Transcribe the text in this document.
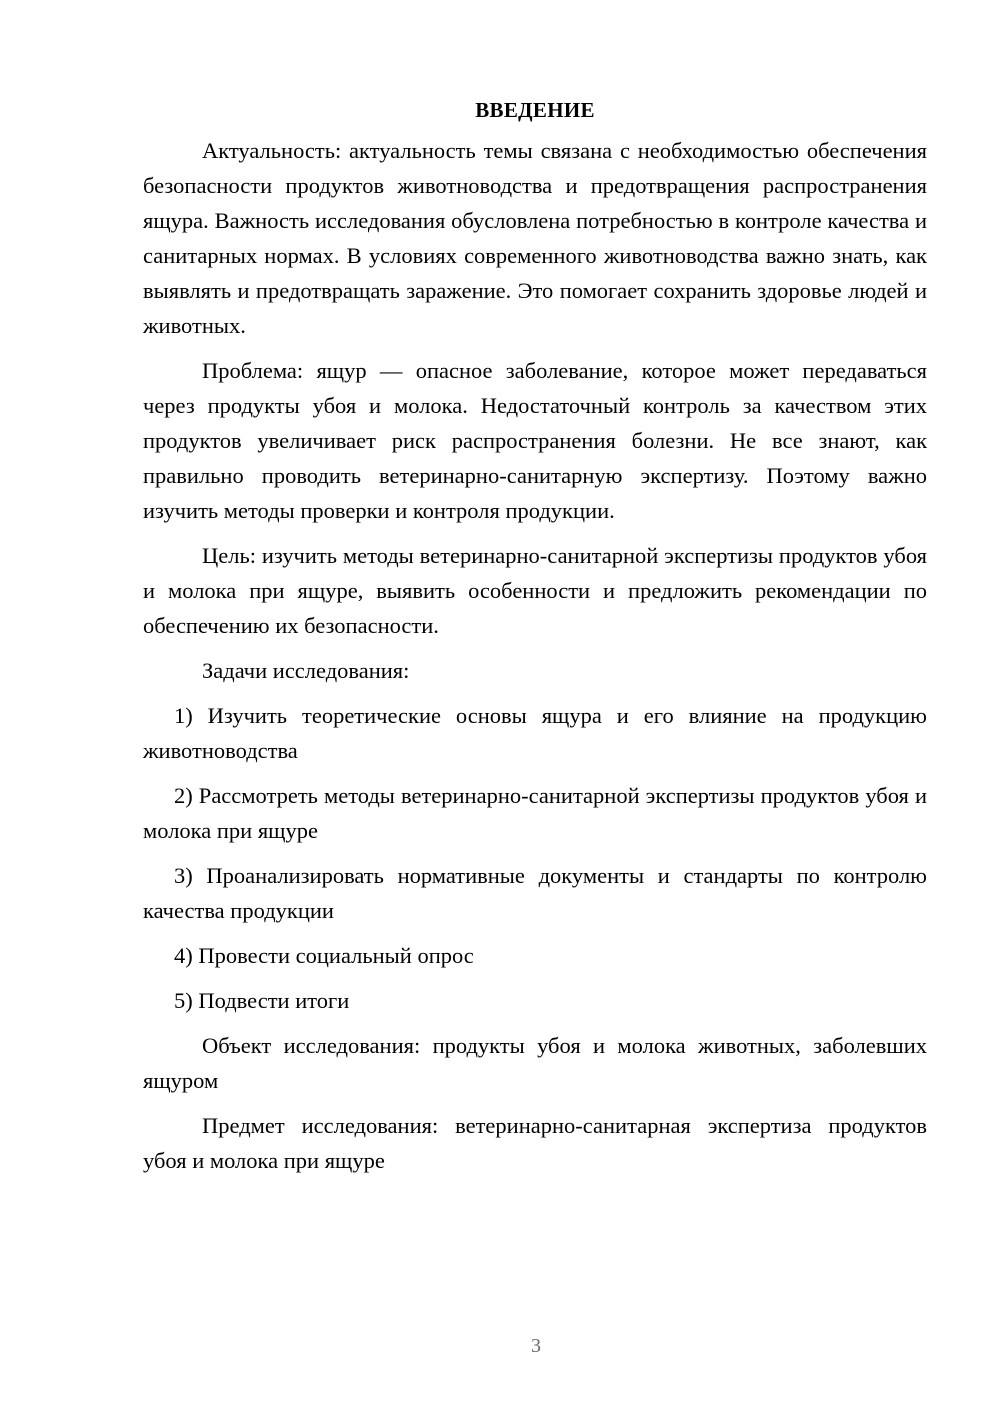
ВВЕДЕНИЕ

Актуальность: актуальность темы связана с необходимостью обеспечения безопасности продуктов животноводства и предотвращения распространения ящура. Важность исследования обусловлена потребностью в контроле качества и санитарных нормах. В условиях современного животноводства важно знать, как выявлять и предотвращать заражение. Это помогает сохранить здоровье людей и животных.

Проблема: ящур — опасное заболевание, которое может передаваться через продукты убоя и молока. Недостаточный контроль за качеством этих продуктов увеличивает риск распространения болезни. Не все знают, как правильно проводить ветеринарно-санитарную экспертизу. Поэтому важно изучить методы проверки и контроля продукции.

Цель: изучить методы ветеринарно-санитарной экспертизы продуктов убоя и молока при ящуре, выявить особенности и предложить рекомендации по обеспечению их безопасности.

Задачи исследования:

1) Изучить теоретические основы ящура и его влияние на продукцию животноводства

2) Рассмотреть методы ветеринарно-санитарной экспертизы продуктов убоя и молока при ящуре

3) Проанализировать нормативные документы и стандарты по контролю качества продукции

4) Провести социальный опрос

5) Подвести итоги

Объект исследования: продукты убоя и молока животных, заболевших ящуром

Предмет исследования: ветеринарно-санитарная экспертиза продуктов убоя и молока при ящуре

3
